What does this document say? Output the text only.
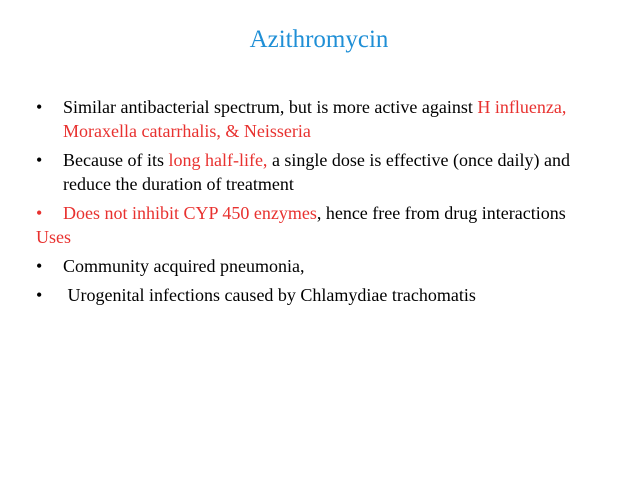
Azithromycin
• Similar antibacterial spectrum, but is more active against H influenza, Moraxella catarrhalis, & Neisseria
• Because of its long half-life, a single dose is effective (once daily) and reduce the duration of treatment
• Does not inhibit CYP 450 enzymes, hence free from drug interactions
Uses
• Community acquired pneumonia,
• Urogenital infections caused by Chlamydiae trachomatis
